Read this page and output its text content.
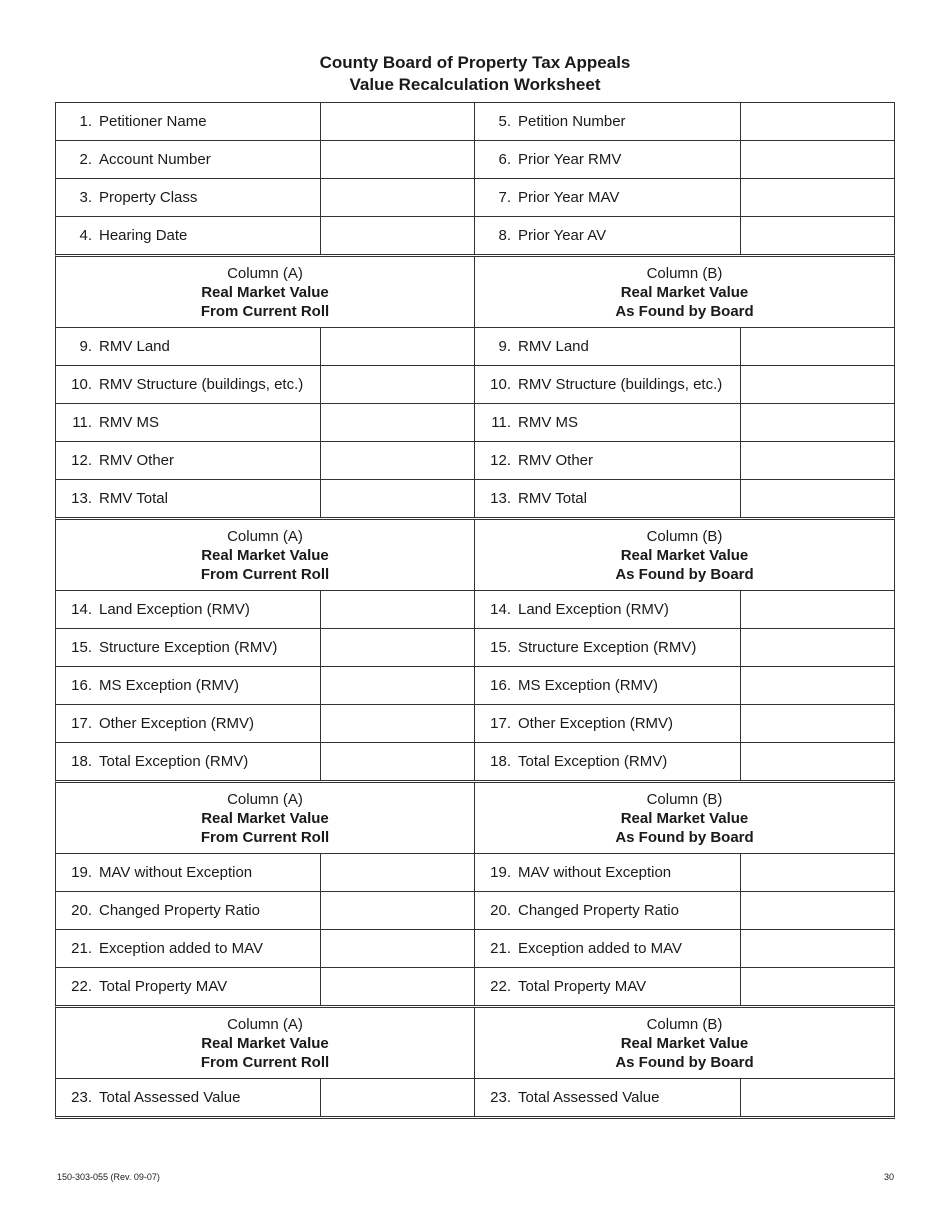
County Board of Property Tax Appeals
Value Recalculation Worksheet
1. Petitioner Name	5. Petition Number
2. Account Number	6. Prior Year RMV
3. Property Class	7. Prior Year MAV
4. Hearing Date	8. Prior Year AV
Column (A)
Real Market Value
From Current Roll
Column (B)
Real Market Value
As Found by Board
9. RMV Land	9. RMV Land
10. RMV Structure (buildings, etc.)	10. RMV Structure (buildings, etc.)
11. RMV MS	11. RMV MS
12. RMV Other	12. RMV Other
13. RMV Total	13. RMV Total
Column (A)
Real Market Value
From Current Roll
Column (B)
Real Market Value
As Found by Board
14. Land Exception (RMV)	14. Land Exception (RMV)
15. Structure Exception (RMV)	15. Structure Exception (RMV)
16. MS Exception (RMV)	16. MS Exception (RMV)
17. Other Exception (RMV)	17. Other Exception (RMV)
18. Total Exception (RMV)	18. Total Exception (RMV)
Column (A)
Real Market Value
From Current Roll
Column (B)
Real Market Value
As Found by Board
19. MAV without Exception	19. MAV without Exception
20. Changed Property Ratio	20. Changed Property Ratio
21. Exception added to MAV	21. Exception added to MAV
22. Total Property MAV	22. Total Property MAV
Column (A)
Real Market Value
From Current Roll
Column (B)
Real Market Value
As Found by Board
23. Total Assessed Value	23. Total Assessed Value
150-303-055 (Rev. 09-07)	30
